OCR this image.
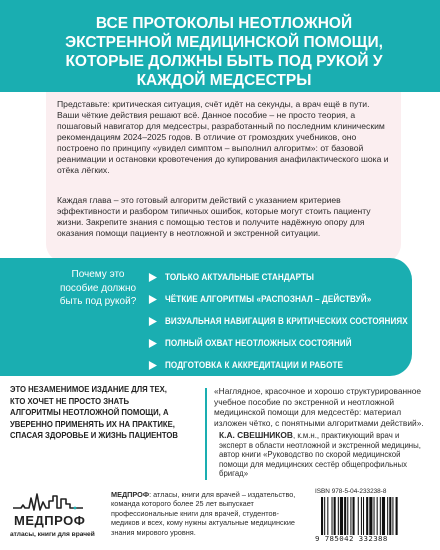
ВСЕ ПРОТОКОЛЫ НЕОТЛОЖНОЙ ЭКСТРЕННОЙ МЕДИЦИНСКОЙ ПОМОЩИ, КОТОРЫЕ ДОЛЖНЫ БЫТЬ ПОД РУКОЙ У КАЖДОЙ МЕДСЕСТРЫ

Представьте: критическая ситуация, счёт идёт на секунды, а врач ещё в пути. Ваши чёткие действия решают всё. Данное пособие – не просто теория, а пошаговый навигатор для медсестры, разработанный по последним клиническим рекомендациям 2024–2025 годов. В отличие от громоздких учебников, оно построено по принципу «увидел симптом – выполнил алгоритм»: от базовой реанимации и остановки кровотечения до купирования анафилактического шока и отёка лёгких.

Каждая глава – это готовый алгоритм действий с указанием критериев эффективности и разбором типичных ошибок, которые могут стоить пациенту жизни. Закрепите знания с помощью тестов и получите надёжную опору для оказания помощи пациенту в неотложной и экстренной ситуации.

Почему это пособие должно быть под рукой?

ТОЛЬКО АКТУАЛЬНЫЕ СТАНДАРТЫ
ЧЁТКИЕ АЛГОРИТМЫ «РАСПОЗНАЛ – ДЕЙСТВУЙ»
ВИЗУАЛЬНАЯ НАВИГАЦИЯ В КРИТИЧЕСКИХ СОСТОЯНИЯХ
ПОЛНЫЙ ОХВАТ НЕОТЛОЖНЫХ СОСТОЯНИЙ
ПОДГОТОВКА К АККРЕДИТАЦИИ И РАБОТЕ

ЭТО НЕЗАМЕНИМОЕ ИЗДАНИЕ ДЛЯ ТЕХ, КТО ХОЧЕТ НЕ ПРОСТО ЗНАТЬ АЛГОРИТМЫ НЕОТЛОЖНОЙ ПОМОЩИ, А УВЕРЕННО ПРИМЕНЯТЬ ИХ НА ПРАКТИКЕ, СПАСАЯ ЗДОРОВЬЕ И ЖИЗНЬ ПАЦИЕНТОВ

«Наглядное, красочное и хорошо структурированное учебное пособие по экстренной и неотложной медицинской помощи для медсестёр: материал изложен чётко, с понятными алгоритмами действий».

К.А. СВЕШНИКОВ, к.м.н., практикующий врач и эксперт в области неотложной и экстренной медицины, автор книги «Руководство по скорой медицинской помощи для медицинских сестёр общепрофильных бригад»

МЕДПРОФ

атласы, книги для врачей

МЕДПРОФ: атласы, книги для врачей – издательство, команда которого более 25 лет выпускает профессиональные книги для врачей, студентов-медиков и всех, кому нужны актуальные медицинские знания мирового уровня.

ISBN 978-5-04-233238-8

9 785042 332388
